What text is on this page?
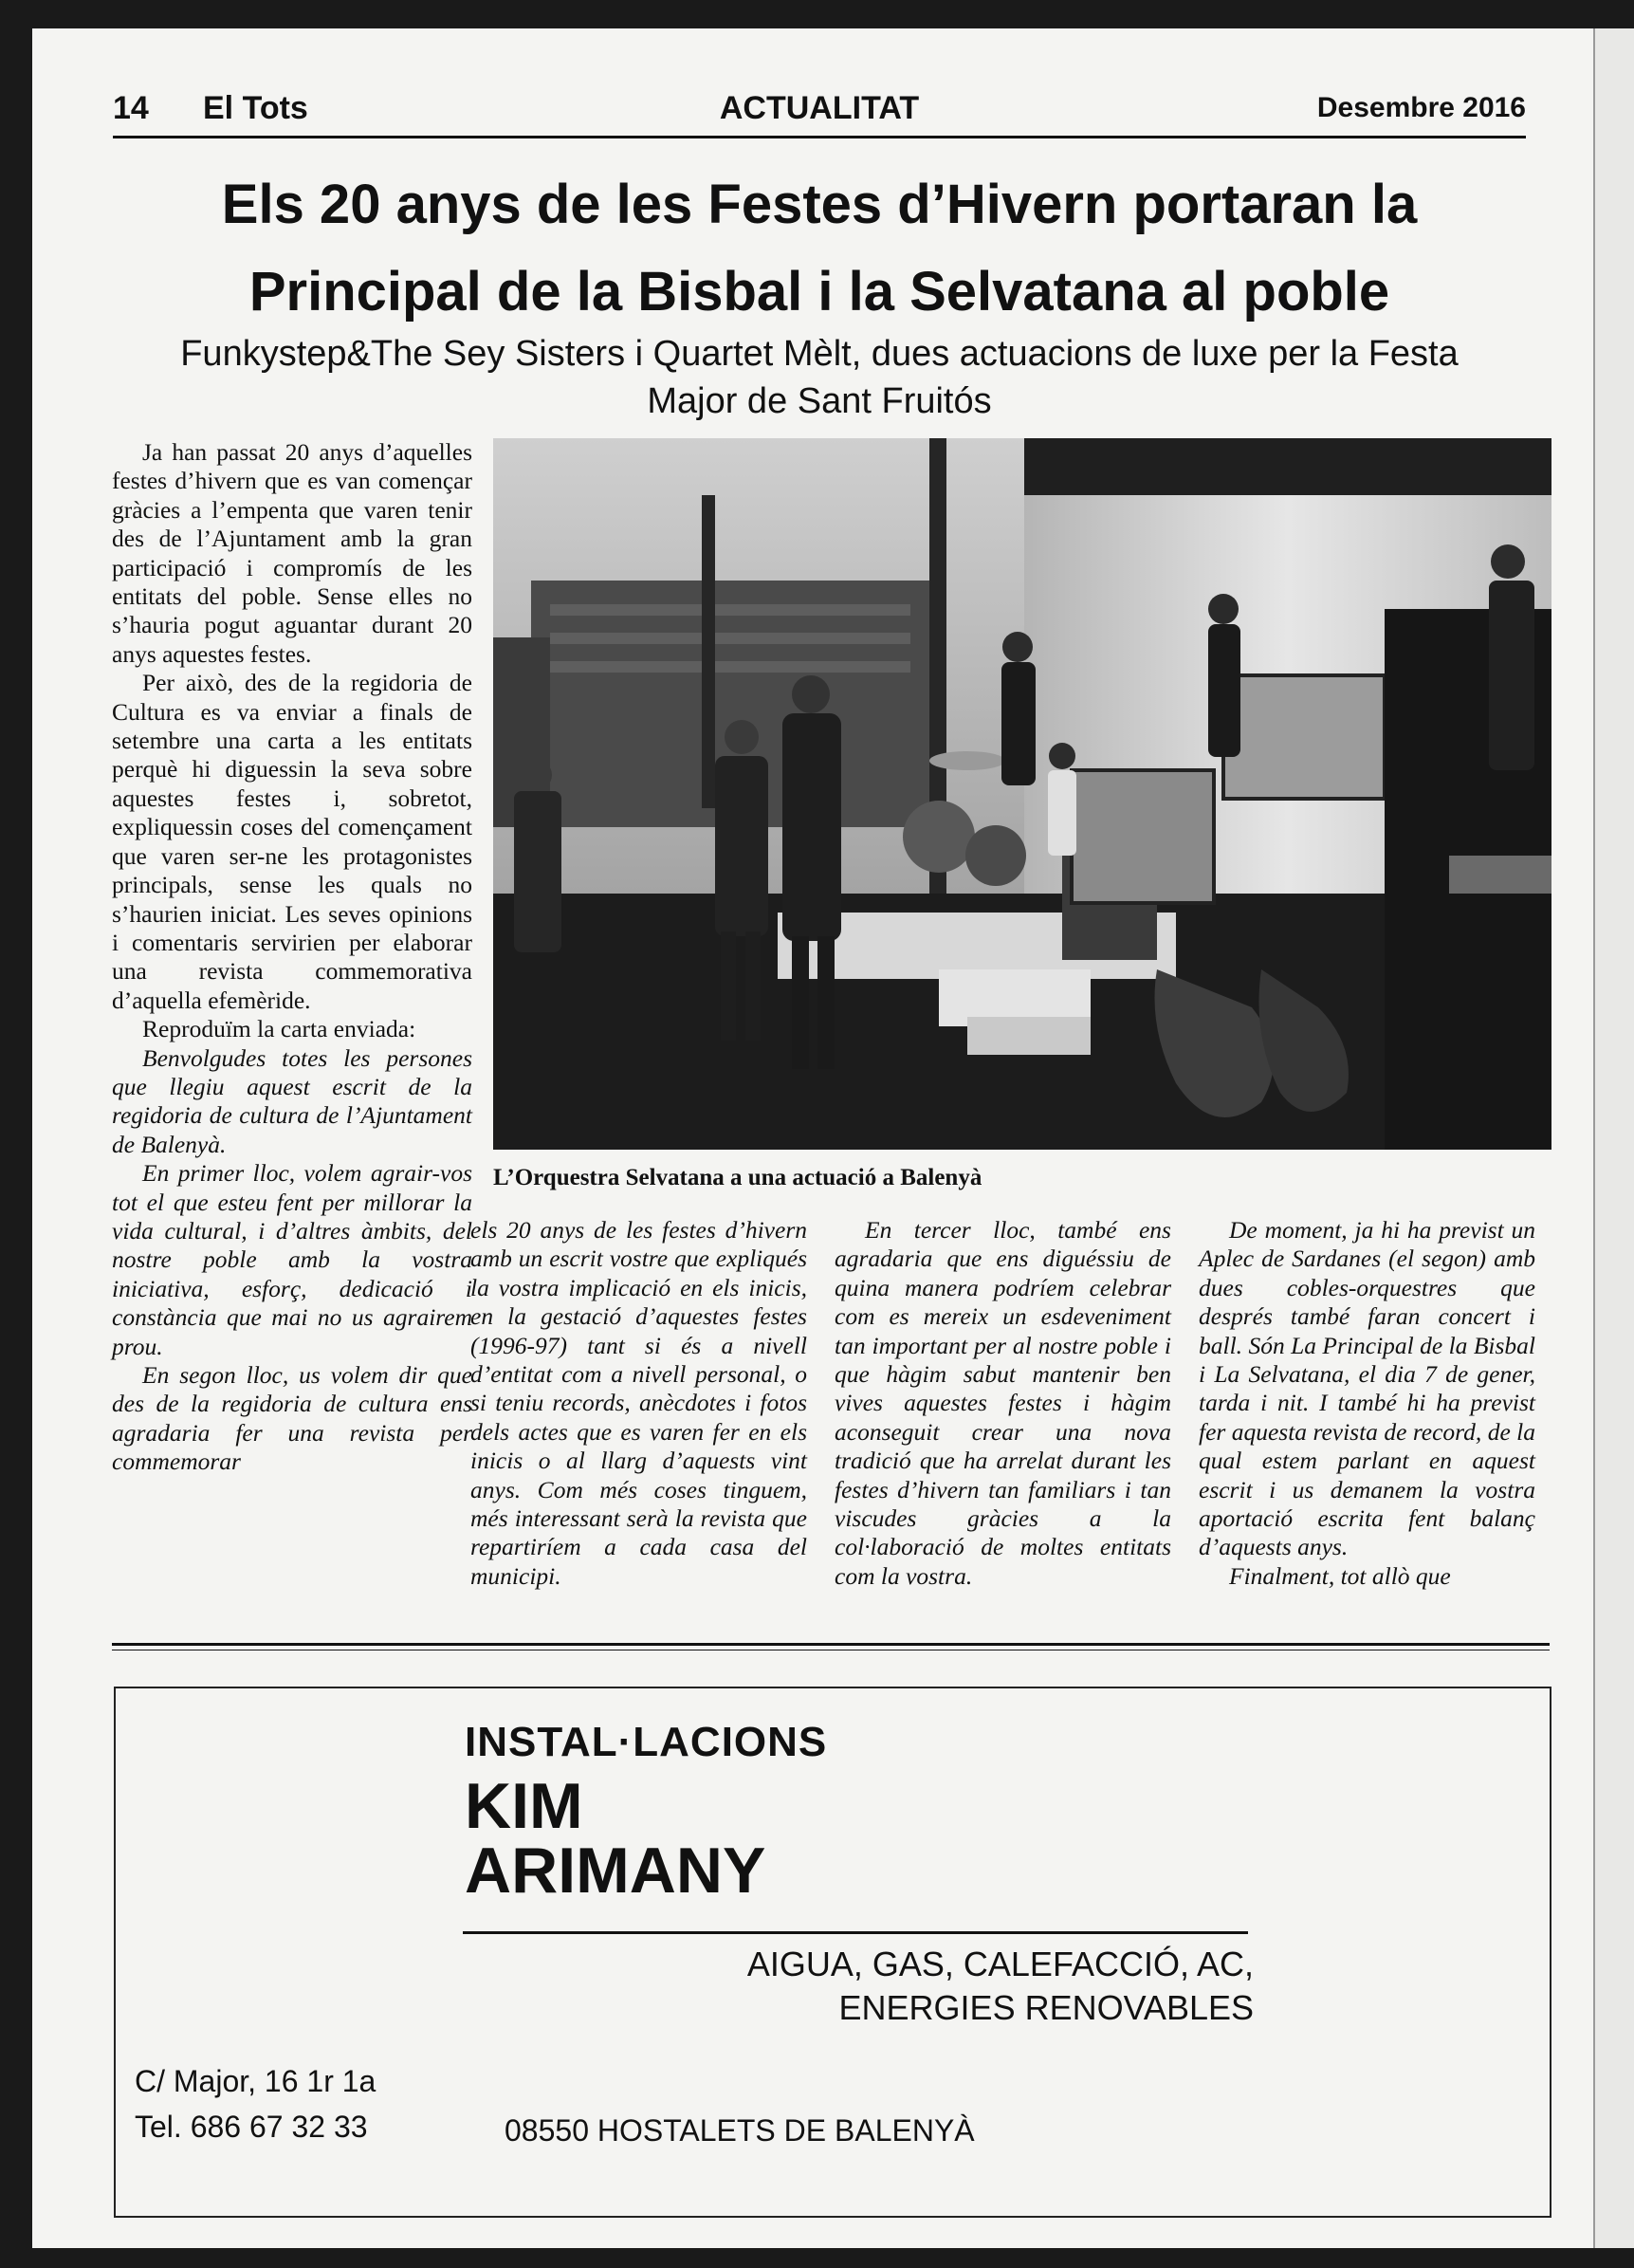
14 El Tots	ACTUALITAT	Desembre 2016
Els 20 anys de les Festes d’Hivern portaran la
Principal de la Bisbal i la Selvatana al poble
Funkystep&The Sey Sisters i Quartet Mèlt, dues actuacions de luxe per la Festa
Major de Sant Fruitós

Ja han passat 20 anys d’aquelles festes d’hivern que es van començar gràcies a l’empenta que varen tenir des de l’Ajuntament amb la gran participació i compromís de les entitats del poble. Sense elles no s’hauria pogut aguantar durant 20 anys aquestes festes.

Per això, des de la regidoria de Cultura es va enviar a finals de setembre una carta a les entitats perquè hi diguessin la seva sobre aquestes festes i, sobretot, expliquessin coses del començament que varen ser-ne les protagonistes principals, sense les quals no s’haurien iniciat. Les seves opinions i comentaris servirien per elaborar una revista commemorativa d’aquella efemèride.

Reproduïm la carta enviada:

Benvolgudes totes les persones que llegiu aquest escrit de la regidoria de cultura de l’Ajuntament de Balenyà.

En primer lloc, volem agrair-vos tot el que esteu fent per millorar la vida cultural, i d’altres àmbits, del nostre poble amb la vostra iniciativa, esforç, dedicació i constància que mai no us agrairem prou.

En segon lloc, us volem dir que des de la regidoria de cultura ens agradaria fer una revista per commemorar

L’Orquestra Selvatana a una actuació a Balenyà

els 20 anys de les festes d’hivern amb un escrit vostre que expliqués la vostra implicació en els inicis, en la gestació d’aquestes festes (1996-97) tant si és a nivell d’entitat com a nivell personal, o si teniu records, anècdotes i fotos dels actes que es varen fer en els inicis o al llarg d’aquests vint anys. Com més coses tinguem, més interessant serà la revista que repartiríem a cada casa del municipi.

En tercer lloc, també ens agradaria que ens diguéssiu de quina manera podríem celebrar com es mereix un esdeveniment tan important per al nostre poble i que hàgim sabut mantenir ben vives aquestes festes i hàgim aconseguit crear una nova tradició que ha arrelat durant les festes d’hivern tan familiars i tan viscudes gràcies a la col·laboració de moltes entitats com la vostra.

De moment, ja hi ha previst un Aplec de Sardanes (el segon) amb dues cobles-orquestres que després també faran concert i ball. Són La Principal de la Bisbal i La Selvatana, el dia 7 de gener, tarda i nit. I també hi ha previst fer aquesta revista de record, de la qual estem parlant en aquest escrit i us demanem la vostra aportació escrita fent balanç d’aquests anys.

Finalment, tot allò que

INSTAL·LACIONS
KIM
ARIMANY
AIGUA, GAS, CALEFACCIÓ, AC,
ENERGIES RENOVABLES
C/ Major, 16 1r 1a
Tel. 686 67 32 33	08550 HOSTALETS DE BALENYÀ
